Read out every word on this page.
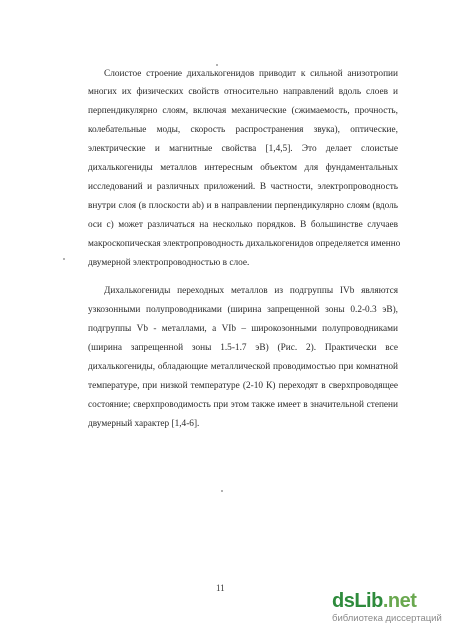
Слоистое строение дихалькогенидов приводит к сильной анизотропии
многих их физических свойств относительно направлений вдоль слоев и
перпендикулярно слоям, включая механические (сжимаемость, прочность,
колебательные моды, скорость распространения звука), оптические,
электрические и магнитные свойства [1,4,5]. Это делает слоистые
дихалькогениды металлов интересным объектом для фундаментальных
исследований и различных приложений. В частности, электропроводность
внутри слоя (в плоскости ab) и в направлении перпендикулярно слоям (вдоль
оси c) может различаться на несколько порядков. В большинстве случаев
макроскопическая электропроводность дихалькогенидов определяется именно
двумерной электропроводностью в слое.
Дихалькогениды переходных металлов из подгруппы IVb являются
узкозонными полупроводниками (ширина запрещенной зоны 0.2-0.3 эВ),
подгруппы Vb - металлами, а VIb – широкозонными полупроводниками
(ширина запрещенной зоны 1.5-1.7 эВ) (Рис. 2). Практически все
дихалькогениды, обладающие металлической проводимостью при комнатной
температуре, при низкой температуре (2-10 К) переходят в сверхпроводящее
состояние; сверхпроводимость при этом также имеет в значительной степени
двумерный характер [1,4-6].
11
dsLib.net
библиотека диссертаций
